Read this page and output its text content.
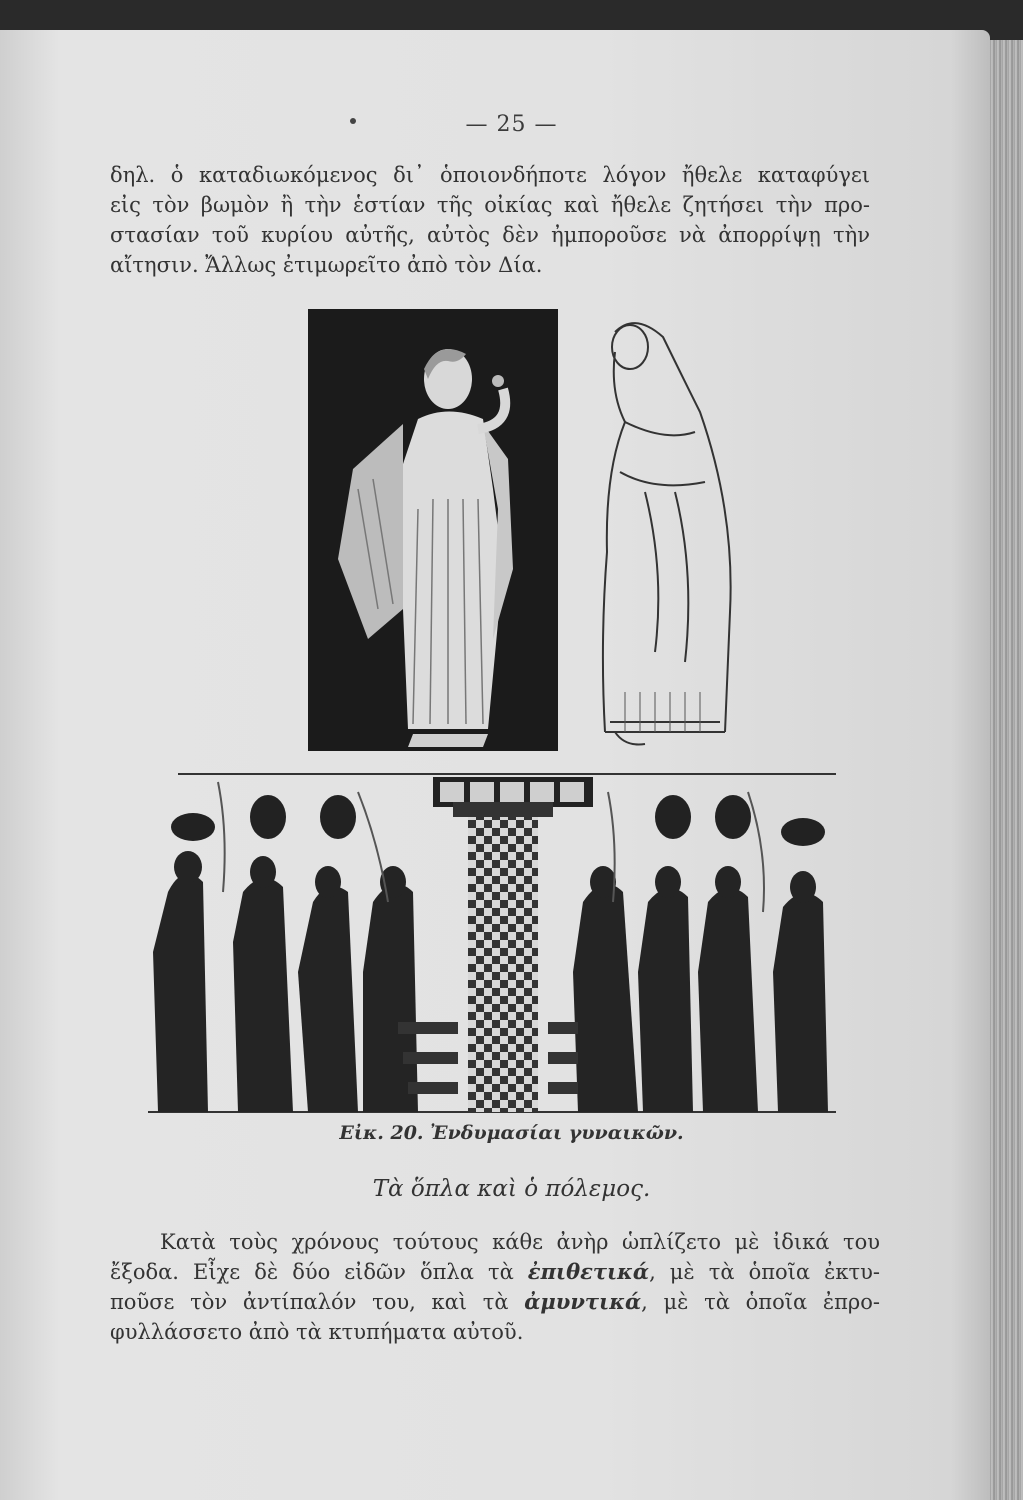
— 25 —
δηλ. ὁ καταδιωκόμενος δι᾽ ὁποιονδήποτε λόγον ἤθελε καταφύγει
εἰς τὸν βωμὸν ἢ τὴν ἑστίαν τῆς οἰκίας καὶ ἤθελε ζητήσει τὴν προ-
στασίαν τοῦ κυρίου αὐτῆς, αὐτὸς δὲν ἠμποροῦσε νὰ ἀπορρίψῃ τὴν
αἴτησιν. Ἄλλως ἐτιμωρεῖτο ἀπὸ τὸν Δία.
Εἰκ. 20. Ἐνδυμασίαι γυναικῶν.
Τὰ ὅπλα καὶ ὁ πόλεμος.
Κατὰ τοὺς χρόνους τούτους κάθε ἀνὴρ ὡπλίζετο μὲ ἰδικά του
ἔξοδα. Εἶχε δὲ δύο εἰδῶν ὅπλα τὰ ἐπιθετικά, μὲ τὰ ὁποῖα ἐκτυ-
ποῦσε τὸν ἀντίπαλόν του, καὶ τὰ ἀμυντικά, μὲ τὰ ὁποῖα ἐπρο-
φυλλάσσετο ἀπὸ τὰ κτυπήματα αὐτοῦ.
